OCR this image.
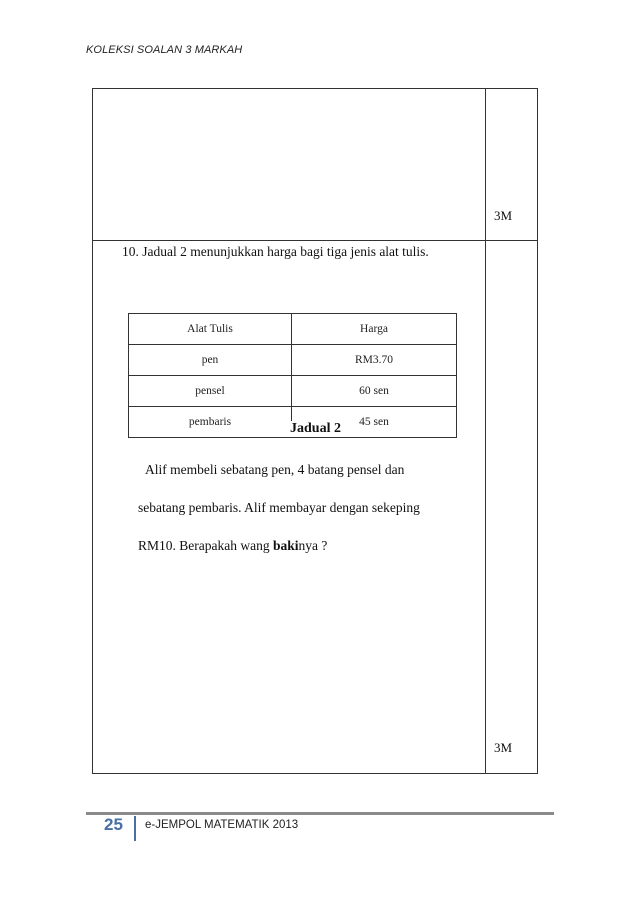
KOLEKSI SOALAN 3 MARKAH
3M
3M
10. Jadual 2 menunjukkan harga bagi tiga jenis alat tulis.
Alat Tulis	Harga
pen	RM3.70
pensel	60 sen
pembaris	45 sen
Jadual 2
Alif membeli sebatang pen, 4 batang pensel dan
sebatang pembaris. Alif membayar dengan sekeping
RM10. Berapakah wang bakinya ?
25 e-JEMPOL MATEMATIK 2013
